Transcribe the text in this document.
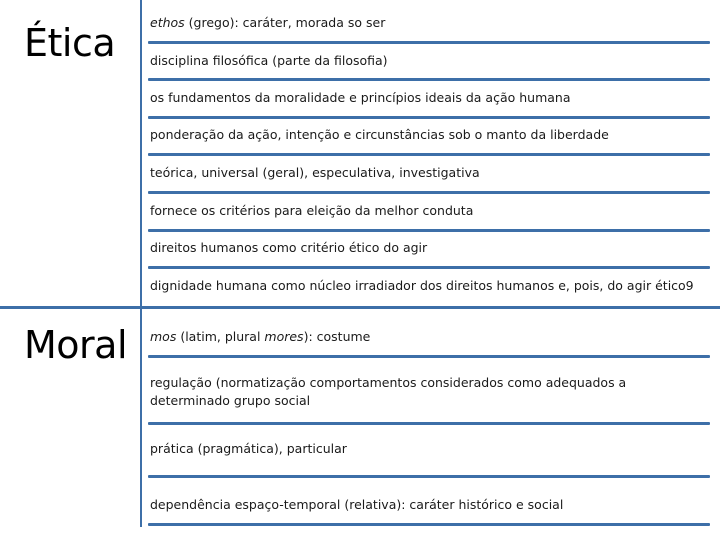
Ética	ethos (grego): caráter, morada so ser
disciplina filosófica (parte da filosofia)
os fundamentos da moralidade e princípios ideais da ação humana
ponderação da ação, intenção e circunstâncias sob o manto da liberdade
teórica, universal (geral), especulativa, investigativa
fornece os critérios para eleição da melhor conduta
direitos humanos como critério ético do agir
dignidade humana como núcleo irradiador dos direitos humanos e, pois, do agir ético9
Moral mos (latim, plural mores): costume
regulação (normatização comportamentos considerados como adequados a determinado grupo social
prática (pragmática), particular
dependência espaço-temporal (relativa): caráter histórico e social
